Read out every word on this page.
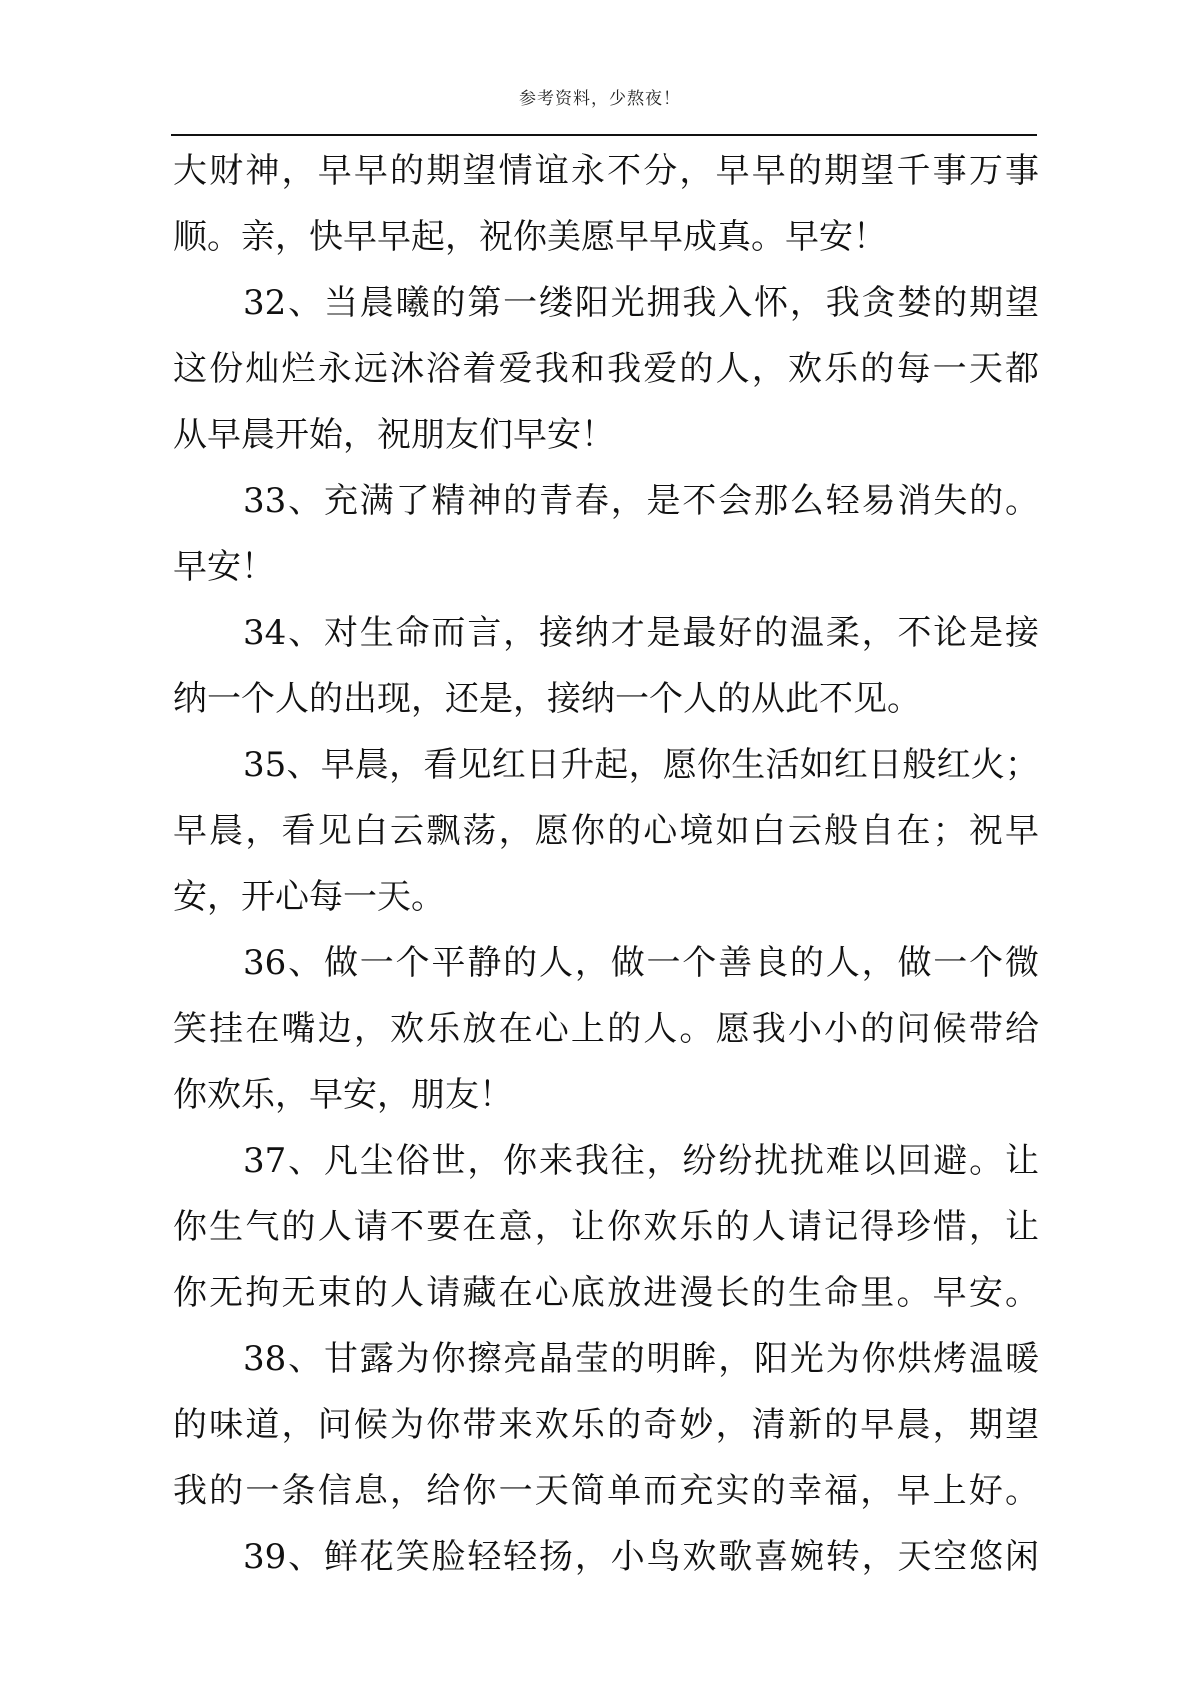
参考资料，少熬夜！
大财神，早早的期望情谊永不分，早早的期望千事万事
顺。亲，快早早起，祝你美愿早早成真。早安！
32、当晨曦的第一缕阳光拥我入怀，我贪婪的期望
这份灿烂永远沐浴着爱我和我爱的人，欢乐的每一天都
从早晨开始，祝朋友们早安！
33、充满了精神的青春，是不会那么轻易消失的。
早安！
34、对生命而言，接纳才是最好的温柔，不论是接
纳一个人的出现，还是，接纳一个人的从此不见。
35、早晨，看见红日升起，愿你生活如红日般红火；
早晨，看见白云飘荡，愿你的心境如白云般自在；祝早
安，开心每一天。
36、做一个平静的人，做一个善良的人，做一个微
笑挂在嘴边，欢乐放在心上的人。愿我小小的问候带给
你欢乐，早安，朋友！
37、凡尘俗世，你来我往，纷纷扰扰难以回避。让
你生气的人请不要在意，让你欢乐的人请记得珍惜，让
你无拘无束的人请藏在心底放进漫长的生命里。早安。
38、甘露为你擦亮晶莹的明眸，阳光为你烘烤温暖
的味道，问候为你带来欢乐的奇妙，清新的早晨，期望
我的一条信息，给你一天简单而充实的幸福，早上好。
39、鲜花笑脸轻轻扬，小鸟欢歌喜婉转，天空悠闲
